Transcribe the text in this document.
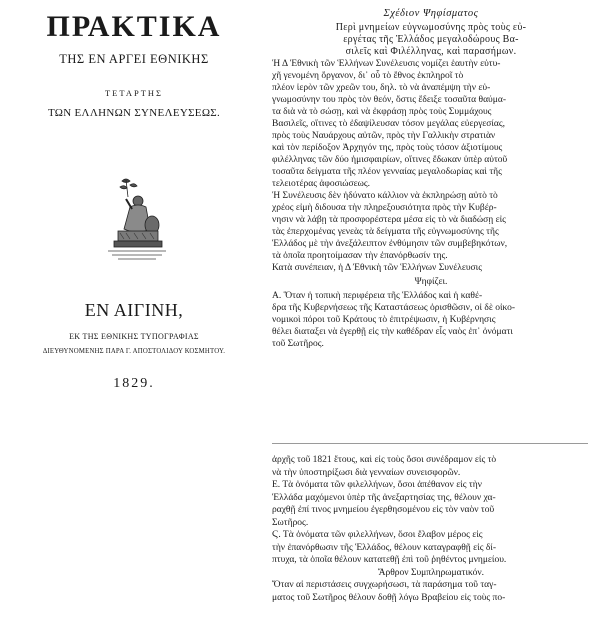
ΠΡΑΚΤΙΚΑ
ΤΗΣ ΕΝ ΑΡΓΕΙ ΕΘΝΙΚΗΣ
ΤΕΤΑΡΤΗΣ
ΤΩΝ ΕΛΛΗΝΩΝ ΣΥΝΕΛΕΥΣΕΩΣ.
ΕΝ ΑΙΓΙΝΗ,
ΕΚ ΤΗΣ ΕΘΝΙΚΗΣ ΤΥΠΟΓΡΑΦΙΑΣ
ΔΙΕΥΘΥΝΟΜΕΝΗΣ ΠΑΡΑ Γ. ΑΠΟΣΤΟΛΙΔΟΥ ΚΟΣΜΗΤΟΥ.
1829.
Σχέδιον Ψηφίσματος
Περὶ μνημείων εὐγνωμοσύνης πρὸς τοὺς εὐ-
εργέτας τῆς Ἑλλάδος μεγαλοδώρους Βα-
σιλεῖς καὶ Φιλέλληνας, καὶ παρασήμων.
Ἡ Δ Ἐθνικὴ τῶν Ἑλλήνων Συνέλευσις νομίζει ἑαυτὴν εὐτυ-
χῆ γενομένη ὄργανον, δι᾽ οὗ τὸ ἔθνος ἐκπληροῖ τὸ
πλέον ἱερὸν τῶν χρεῶν του, δηλ. τὸ νὰ ἀναπέμψη τὴν εὐ-
γνωμοσύνην του πρὸς τὸν θεόν, ὅστις ἔδειξε τοσαῦτα θαύμα-
τα διὰ νὰ τὸ σώσῃ, καὶ νὰ ἐκφράσῃ πρὸς τοὺς Συμμάχους
Βασιλεῖς, οἵτινες τὸ ἐδαψίλευσαν τόσον μεγάλας εὐεργεσίας,
πρὸς τοὺς Ναυάρχους αὐτῶν, πρὸς τὴν Γαλλικὴν στρατιὰν
καὶ τὸν περίδοξον Ἀρχηγόν της, πρὸς τοὺς τόσον ἀξιοτίμους
φιλέλληνας τῶν δύο ἡμισφαιρίων, οἵτινες ἔδωκαν ὑπὲρ αὐτοῦ
τοσαῦτα δείγματα τῆς πλέον γενναίας μεγαλοδωρίας καὶ τῆς
τελειοτέρας ἀφοσιώσεως.
Ἡ Συνέλευσις δὲν ἠδύνατο κάλλιον νὰ ἐκπληρώσῃ αὐτὸ τὸ
χρέος εἰμὴ διδουσα τὴν πληρεξουσιότητα πρὸς τὴν Κυβέρ-
νησιν νὰ λάβῃ τὰ προσφορέστερα μέσα εἰς τὸ νὰ διαδώσῃ εἰς
τὰς ἐπερχομένας γενεὰς τὰ δείγματα τῆς εὐγνωμοσύνης τῆς
Ἑλλάδος μὲ τὴν ἀνεξάλειπτον ἐνθύμησιν τῶν συμβεβηκότων,
τὰ ὁποῖα προητοίμασαν τὴν ἐπανόρθωσίν της.
Κατὰ συνέπειαν, ἡ Δ Ἐθνικὴ τῶν Ἑλλήνων Συνέλευσις
Ψηφίζει.
Α. Ὅταν ἡ τοπικὴ περιφέρεια τῆς Ἑλλάδος καὶ ἡ καθέ-
δρα τῆς Κυβερνήσεως τῆς Καταστάσεως ὁρισθῶσιν, οἱ δὲ οἰκο-
νομικοὶ πόροι τοῦ Κράτους τὸ ἐπιτρέψωσιν, ἡ Κυβέρνησις
θέλει διαταξει νὰ ἐγερθῇ εἰς τὴν καθέδραν εἷς ναὸς ἐπ᾽ ὀνόματι
τοῦ Σωτῆρος.
ἀρχῆς τοῦ 1821 ἔτους, καὶ εἰς τοὺς ὅσοι συνέδραμον εἰς τὸ
νὰ τὴν ὑποστηρίξωσι διὰ γενναίων συνεισφορῶν.
Ε. Τὰ ὀνόματα τῶν φιλελλήνων, ὅσοι ἀπέθανον εἰς τὴν
Ἑλλάδα μαχόμενοι ὑπὲρ τῆς ἀνεξαρτησίας της, θέλουν χα-
ραχθῇ ἐπί τινος μνημείου ἐγερθησομένου εἰς τὸν ναὸν τοῦ
Σωτῆρος.
Ϛ. Τὰ ὀνόματα τῶν φιλελλήνων, ὅσοι ἔλαβον μέρος εἰς
τὴν ἐπανόρθωσιν τῆς Ἑλλάδος, θέλουν καταγραφθῇ εἰς δί-
πτυχα, τὰ ὁποῖα θέλουν κατατεθῇ ἐπὶ τοῦ ῥηθέντος μνημείου.
Ἄρθρον Συμπληρωματικόν.
Ὅταν αἱ περιστάσεις συγχωρήσωσι, τὰ παράσημα τοῦ ταγ-
ματος τοῦ Σωτῆρος θέλουν δοθῇ λόγω Βραβείου εἰς τοὺς πο-
